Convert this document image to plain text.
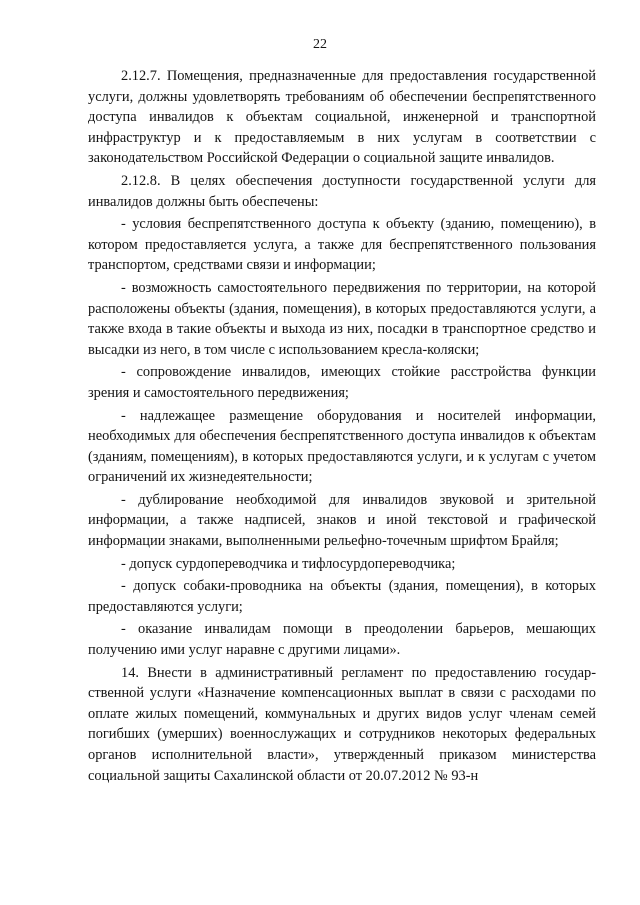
22

2.12.7. Помещения, предназначенные для предоставления государственной услуги, должны удовлетворять требованиям об обеспечении беспрепятственного доступа инвалидов к объектам социальной, инженерной и транспортной инфраструктур и к предоставляемым в них услугам в соответствии с законодательством Российской Федерации о социальной защите инвалидов.

2.12.8. В целях обеспечения доступности государственной услуги для инвалидов должны быть обеспечены:

- условия беспрепятственного доступа к объекту (зданию, помещению), в котором предоставляется услуга, а также для беспрепятственного пользования транспортом, средствами связи и информации;

- возможность самостоятельного передвижения по территории, на которой расположены объекты (здания, помещения), в которых предоставляются услуги, а также входа в такие объекты и выхода из них, посадки в транспортное средство и высадки из него, в том числе с использованием кресла-коляски;

- сопровождение инвалидов, имеющих стойкие расстройства функции зрения и самостоятельного передвижения;

- надлежащее размещение оборудования и носителей информации, необходимых для обеспечения беспрепятственного доступа инвалидов к объектам (зданиям, помещениям), в которых предоставляются услуги, и к услугам с учетом ограничений их жизнедеятельности;

- дублирование необходимой для инвалидов звуковой и зрительной информации, а также надписей, знаков и иной текстовой и графической информации знаками, выполненными рельефно-точечным шрифтом Брайля;

- допуск сурдопереводчика и тифлосурдопереводчика;

- допуск собаки-проводника на объекты (здания, помещения), в которых предоставляются услуги;

- оказание инвалидам помощи в преодолении барьеров, мешающих получению ими услуг наравне с другими лицами».

14. Внести в административный регламент по предоставлению государственной услуги «Назначение компенсационных выплат в связи с расходами по оплате жилых помещений, коммунальных и других видов услуг членам семей погибших (умерших) военнослужащих и сотрудников некоторых федеральных органов исполнительной власти», утвержденный приказом министерства социальной защиты Сахалинской области от 20.07.2012 № 93-н
